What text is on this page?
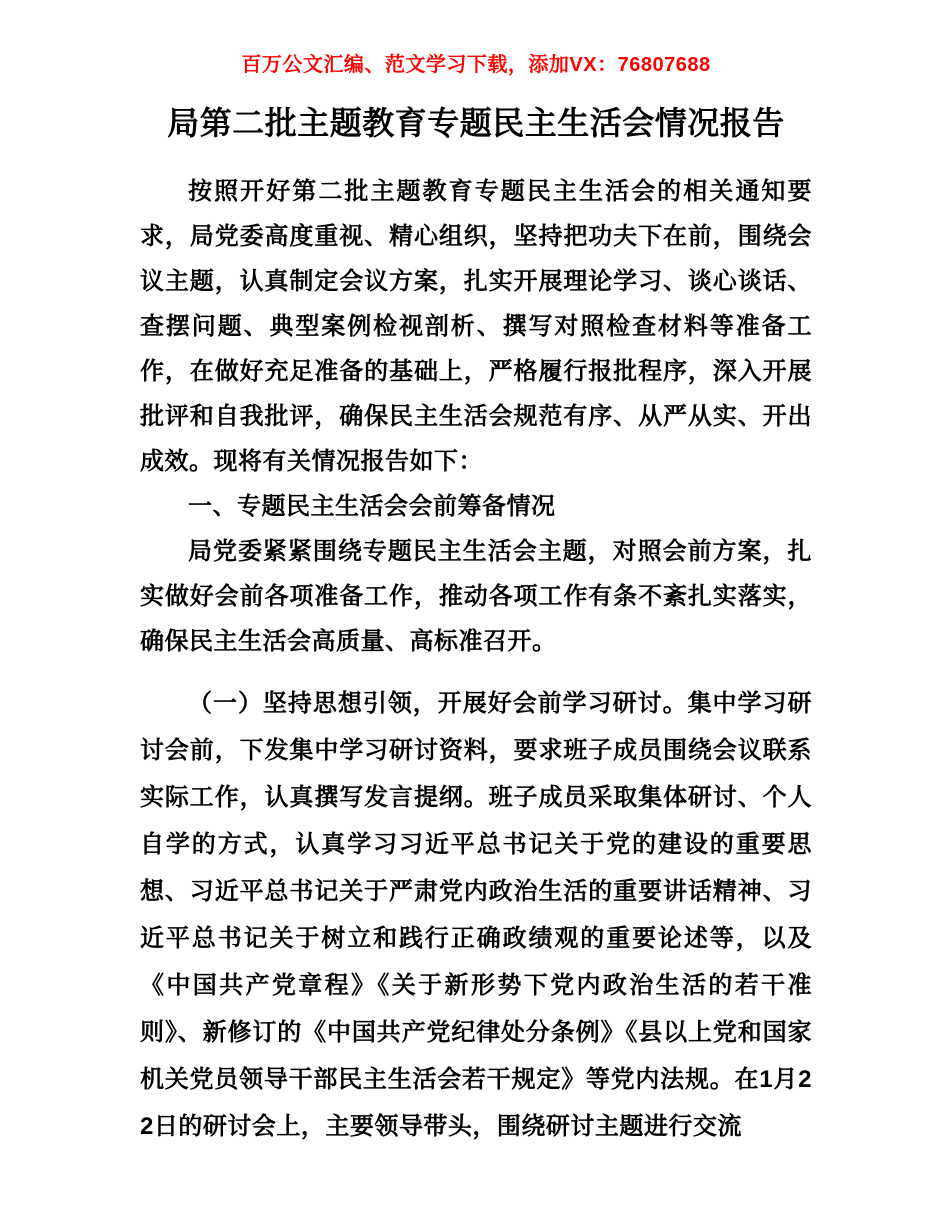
百万公文汇编、范文学习下载，添加VX：76807688
局第二批主题教育专题民主生活会情况报告

按照开好第二批主题教育专题民主生活会的相关通知要求，局党委高度重视、精心组织，坚持把功夫下在前，围绕会议主题，认真制定会议方案，扎实开展理论学习、谈心谈话、查摆问题、典型案例检视剖析、撰写对照检查材料等准备工作，在做好充足准备的基础上，严格履行报批程序，深入开展批评和自我批评，确保民主生活会规范有序、从严从实、开出成效。现将有关情况报告如下：

一、专题民主生活会会前筹备情况

局党委紧紧围绕专题民主生活会主题，对照会前方案，扎实做好会前各项准备工作，推动各项工作有条不紊扎实落实，确保民主生活会高质量、高标准召开。

（一）坚持思想引领，开展好会前学习研讨。集中学习研讨会前，下发集中学习研讨资料，要求班子成员围绕会议联系实际工作，认真撰写发言提纲。班子成员采取集体研讨、个人自学的方式，认真学习习近平总书记关于党的建设的重要思想、习近平总书记关于严肃党内政治生活的重要讲话精神、习近平总书记关于树立和践行正确政绩观的重要论述等，以及《中国共产党章程》《关于新形势下党内政治生活的若干准则》、新修订的《中国共产党纪律处分条例》《县以上党和国家机关党员领导干部民主生活会若干规定》等党内法规。在1月22日的研讨会上，主要领导带头，围绕研讨主题进行交流
